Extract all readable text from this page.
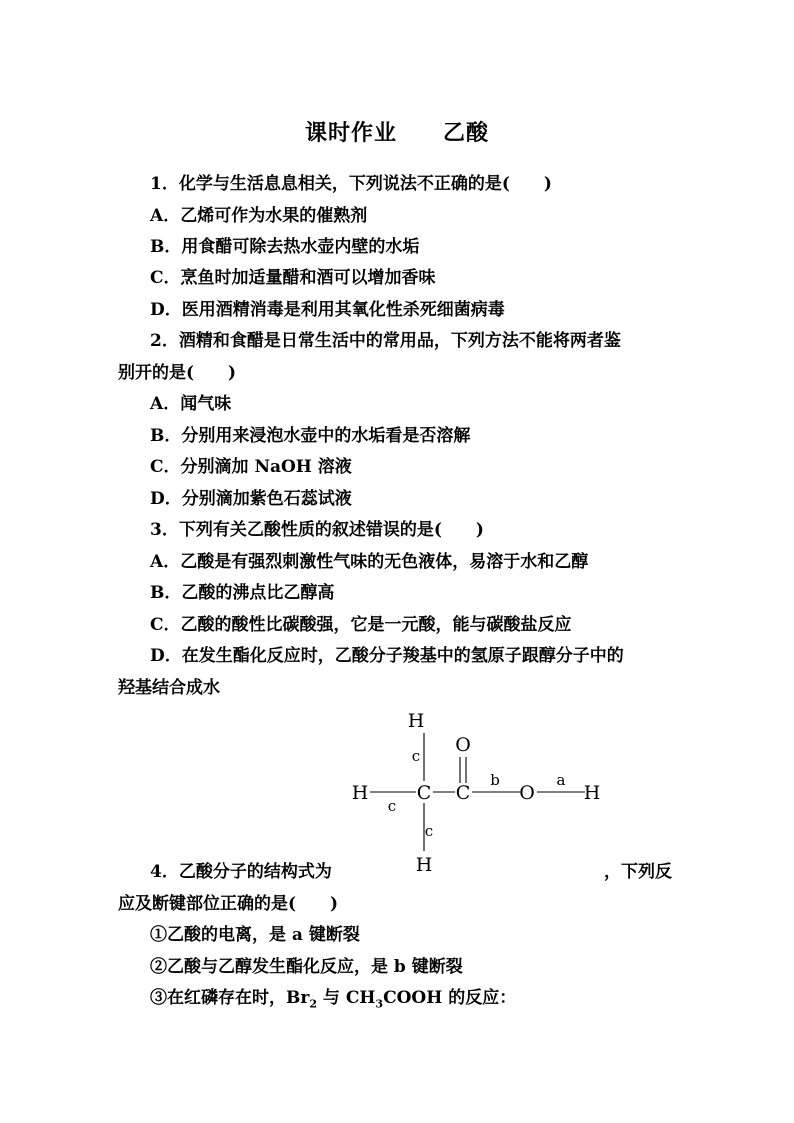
课时作业　　乙酸
1．化学与生活息息相关，下列说法不正确的是(　　)
A．乙烯可作为水果的催熟剂
B．用食醋可除去热水壶内壁的水垢
C．烹鱼时加适量醋和酒可以增加香味
D．医用酒精消毒是利用其氧化性杀死细菌病毒
2．酒精和食醋是日常生活中的常用品，下列方法不能将两者鉴
别开的是(　　)
A．闻气味
B．分别用来浸泡水壶中的水垢看是否溶解
C．分别滴加 NaOH 溶液
D．分别滴加紫色石蕊试液
3．下列有关乙酸性质的叙述错误的是(　　)
A．乙酸是有强烈刺激性气味的无色液体，易溶于水和乙醇
B．乙酸的沸点比乙醇高
C．乙酸的酸性比碳酸强，它是一元酸，能与碳酸盐反应
D．在发生酯化反应时，乙酸分子羧基中的氢原子跟醇分子中的
羟基结合成水
H
c O
H
c
C C
b
O
a
H
c
H
4．乙酸分子的结构式为	，下列反
应及断键部位正确的是(　　)
①乙酸的电离，是 a 键断裂
②乙酸与乙醇发生酯化反应，是 b 键断裂
③在红磷存在时，$Br_2$ 与 $CH_3COOH$ 的反应：
